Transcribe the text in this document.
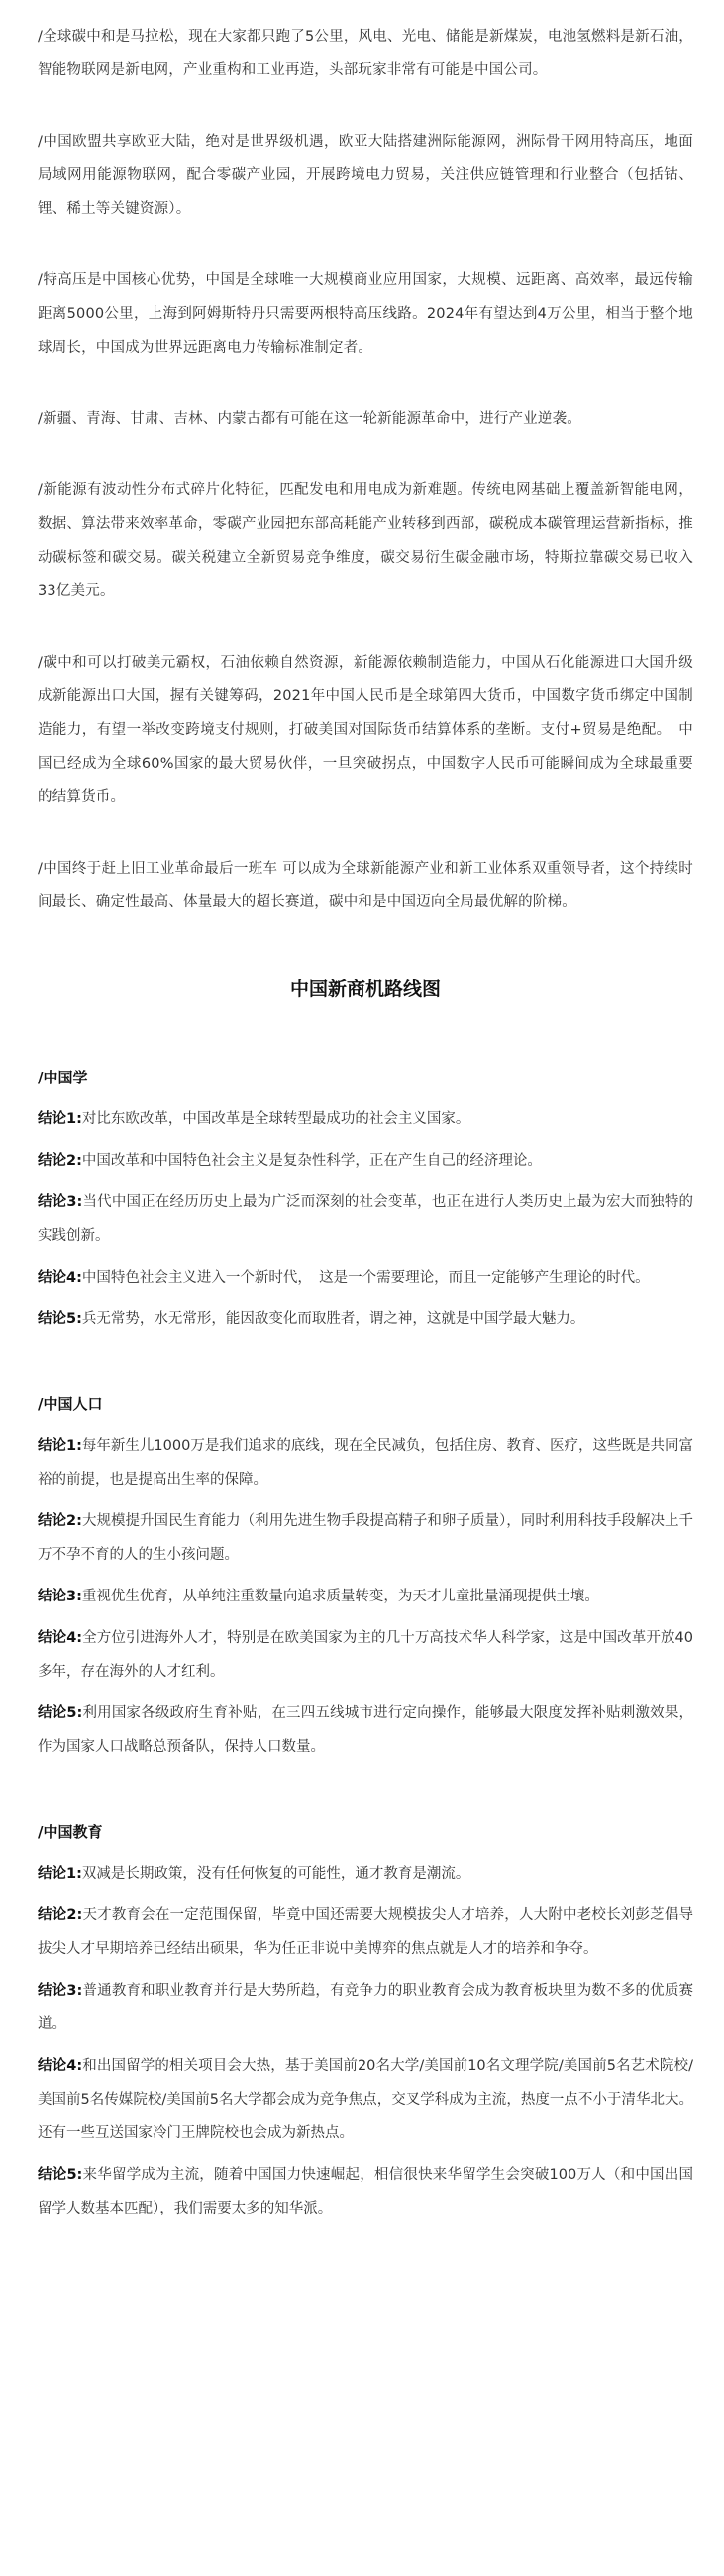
/全球碳中和是马拉松，现在大家都只跑了5公里，风电、光电、储能是新煤炭，电池氢燃料是新石油，智能物联网是新电网，产业重构和工业再造，头部玩家非常有可能是中国公司。

/中国欧盟共享欧亚大陆，绝对是世界级机遇，欧亚大陆搭建洲际能源网，洲际骨干网用特高压，地面局域网用能源物联网，配合零碳产业园，开展跨境电力贸易，关注供应链管理和行业整合（包括钴、锂、稀土等关键资源）。

/特高压是中国核心优势，中国是全球唯一大规模商业应用国家，大规模、远距离、高效率，最远传输距离5000公里，上海到阿姆斯特丹只需要两根特高压线路。2024年有望达到4万公里，相当于整个地球周长，中国成为世界远距离电力传输标准制定者。

/新疆、青海、甘肃、吉林、内蒙古都有可能在这一轮新能源革命中，进行产业逆袭。

/新能源有波动性分布式碎片化特征，匹配发电和用电成为新难题。传统电网基础上覆盖新智能电网，数据、算法带来效率革命，零碳产业园把东部高耗能产业转移到西部，碳税成本碳管理运营新指标，推动碳标签和碳交易。碳关税建立全新贸易竞争维度，碳交易衍生碳金融市场，特斯拉靠碳交易已收入33亿美元。

/碳中和可以打破美元霸权，石油依赖自然资源，新能源依赖制造能力，中国从石化能源进口大国升级成新能源出口大国，握有关键筹码，2021年中国人民币是全球第四大货币，中国数字货币绑定中国制造能力，有望一举改变跨境支付规则，打破美国对国际货币结算体系的垄断。支付+贸易是绝配。　中国已经成为全球60%国家的最大贸易伙伴，一旦突破拐点，中国数字人民币可能瞬间成为全球最重要的结算货币。

/中国终于赶上旧工业革命最后一班车 可以成为全球新能源产业和新工业体系双重领导者，这个持续时间最长、确定性最高、体量最大的超长赛道，碳中和是中国迈向全局最优解的阶梯。

中国新商机路线图
/中国学

结论1:对比东欧改革，中国改革是全球转型最成功的社会主义国家。

结论2:中国改革和中国特色社会主义是复杂性科学，正在产生自己的经济理论。

结论3:当代中国正在经历历史上最为广泛而深刻的社会变革，也正在进行人类历史上最为宏大而独特的实践创新。

结论4:中国特色社会主义进入一个新时代，　这是一个需要理论，而且一定能够产生理论的时代。

结论5:兵无常势，水无常形，能因敌变化而取胜者，谓之神，这就是中国学最大魅力。

/中国人口

结论1:每年新生儿1000万是我们追求的底线，现在全民减负，包括住房、教育、医疗，这些既是共同富裕的前提，也是提高出生率的保障。

结论2:大规模提升国民生育能力（利用先进生物手段提高精子和卵子质量），同时利用科技手段解决上千万不孕不育的人的生小孩问题。

结论3:重视优生优育，从单纯注重数量向追求质量转变，为天才儿童批量涌现提供土壤。

结论4:全方位引进海外人才，特别是在欧美国家为主的几十万高技术华人科学家，这是中国改革开放40多年，存在海外的人才红利。

结论5:利用国家各级政府生育补贴，在三四五线城市进行定向操作，能够最大限度发挥补贴刺激效果，作为国家人口战略总预备队，保持人口数量。

/中国教育

结论1:双减是长期政策，没有任何恢复的可能性，通才教育是潮流。

结论2:天才教育会在一定范围保留，毕竟中国还需要大规模拔尖人才培养，人大附中老校长刘彭芝倡导拔尖人才早期培养已经结出硕果，华为任正非说中美博弈的焦点就是人才的培养和争夺。

结论3:普通教育和职业教育并行是大势所趋，有竞争力的职业教育会成为教育板块里为数不多的优质赛道。

结论4:和出国留学的相关项目会大热，基于美国前20名大学/美国前10名文理学院/美国前5名艺术院校/美国前5名传媒院校/美国前5名大学都会成为竞争焦点，交叉学科成为主流，热度一点不小于清华北大。还有一些互送国家冷门王牌院校也会成为新热点。

结论5:来华留学成为主流，随着中国国力快速崛起，相信很快来华留学生会突破100万人（和中国出国留学人数基本匹配），我们需要太多的知华派。
